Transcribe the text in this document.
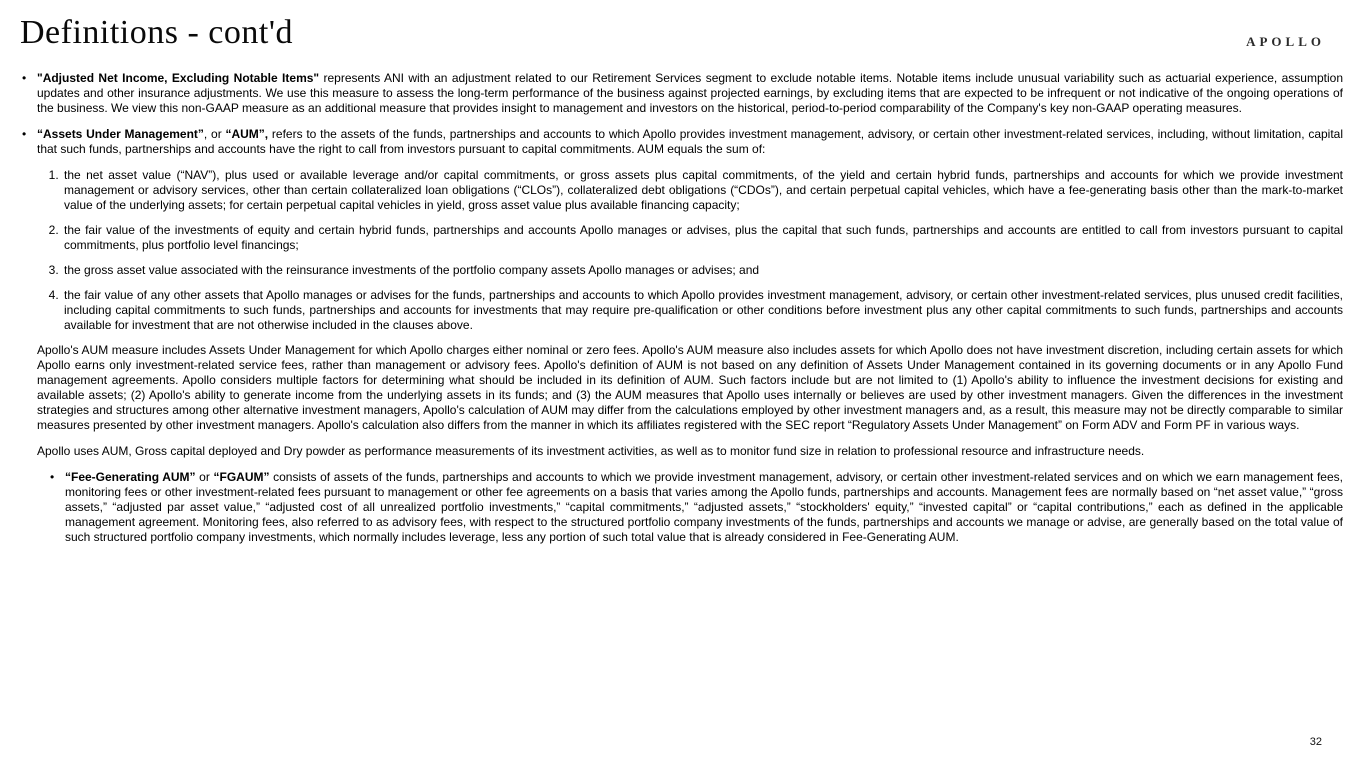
Definitions - cont'd	APOLLO
• "Adjusted Net Income, Excluding Notable Items" represents ANI with an adjustment related to our Retirement Services segment to exclude notable items. Notable items include unusual variability such as actuarial experience, assumption updates and other insurance adjustments. We use this measure to assess the long-term performance of the business against projected earnings, by excluding items that are expected to be infrequent or not indicative of the ongoing operations of the business. We view this non-GAAP measure as an additional measure that provides insight to management and investors on the historical, period-to-period comparability of the Company's key non-GAAP operating measures.
• “Assets Under Management”, or “AUM”, refers to the assets of the funds, partnerships and accounts to which Apollo provides investment management, advisory, or certain other investment-related services, including, without limitation, capital that such funds, partnerships and accounts have the right to call from investors pursuant to capital commitments. AUM equals the sum of:
1. the net asset value (“NAV”), plus used or available leverage and/or capital commitments, or gross assets plus capital commitments, of the yield and certain hybrid funds, partnerships and accounts for which we provide investment management or advisory services, other than certain collateralized loan obligations (“CLOs”), collateralized debt obligations (“CDOs”), and certain perpetual capital vehicles, which have a fee-generating basis other than the mark-to-market value of the underlying assets; for certain perpetual capital vehicles in yield, gross asset value plus available financing capacity;
2. the fair value of the investments of equity and certain hybrid funds, partnerships and accounts Apollo manages or advises, plus the capital that such funds, partnerships and accounts are entitled to call from investors pursuant to capital commitments, plus portfolio level financings;
3. the gross asset value associated with the reinsurance investments of the portfolio company assets Apollo manages or advises; and
4. the fair value of any other assets that Apollo manages or advises for the funds, partnerships and accounts to which Apollo provides investment management, advisory, or certain other investment-related services, plus unused credit facilities, including capital commitments to such funds, partnerships and accounts for investments that may require pre-qualification or other conditions before investment plus any other capital commitments to such funds, partnerships and accounts available for investment that are not otherwise included in the clauses above.

Apollo's AUM measure includes Assets Under Management for which Apollo charges either nominal or zero fees. Apollo's AUM measure also includes assets for which Apollo does not have investment discretion, including certain assets for which Apollo earns only investment-related service fees, rather than management or advisory fees. Apollo's definition of AUM is not based on any definition of Assets Under Management contained in its governing documents or in any Apollo Fund management agreements. Apollo considers multiple factors for determining what should be included in its definition of AUM. Such factors include but are not limited to (1) Apollo's ability to influence the investment decisions for existing and available assets; (2) Apollo's ability to generate income from the underlying assets in its funds; and (3) the AUM measures that Apollo uses internally or believes are used by other investment managers. Given the differences in the investment strategies and structures among other alternative investment managers, Apollo's calculation of AUM may differ from the calculations employed by other investment managers and, as a result, this measure may not be directly comparable to similar measures presented by other investment managers. Apollo's calculation also differs from the manner in which its affiliates registered with the SEC report “Regulatory Assets Under Management” on Form ADV and Form PF in various ways.

Apollo uses AUM, Gross capital deployed and Dry powder as performance measurements of its investment activities, as well as to monitor fund size in relation to professional resource and infrastructure needs.

• “Fee-Generating AUM” or “FGAUM” consists of assets of the funds, partnerships and accounts to which we provide investment management, advisory, or certain other investment-related services and on which we earn management fees, monitoring fees or other investment-related fees pursuant to management or other fee agreements on a basis that varies among the Apollo funds, partnerships and accounts. Management fees are normally based on “net asset value,” “gross assets,” “adjusted par asset value,” “adjusted cost of all unrealized portfolio investments,” “capital commitments,” “adjusted assets,” “stockholders' equity,” “invested capital” or “capital contributions,” each as defined in the applicable management agreement. Monitoring fees, also referred to as advisory fees, with respect to the structured portfolio company investments of the funds, partnerships and accounts we manage or advise, are generally based on the total value of such structured portfolio company investments, which normally includes leverage, less any portion of such total value that is already considered in Fee-Generating AUM.
32
